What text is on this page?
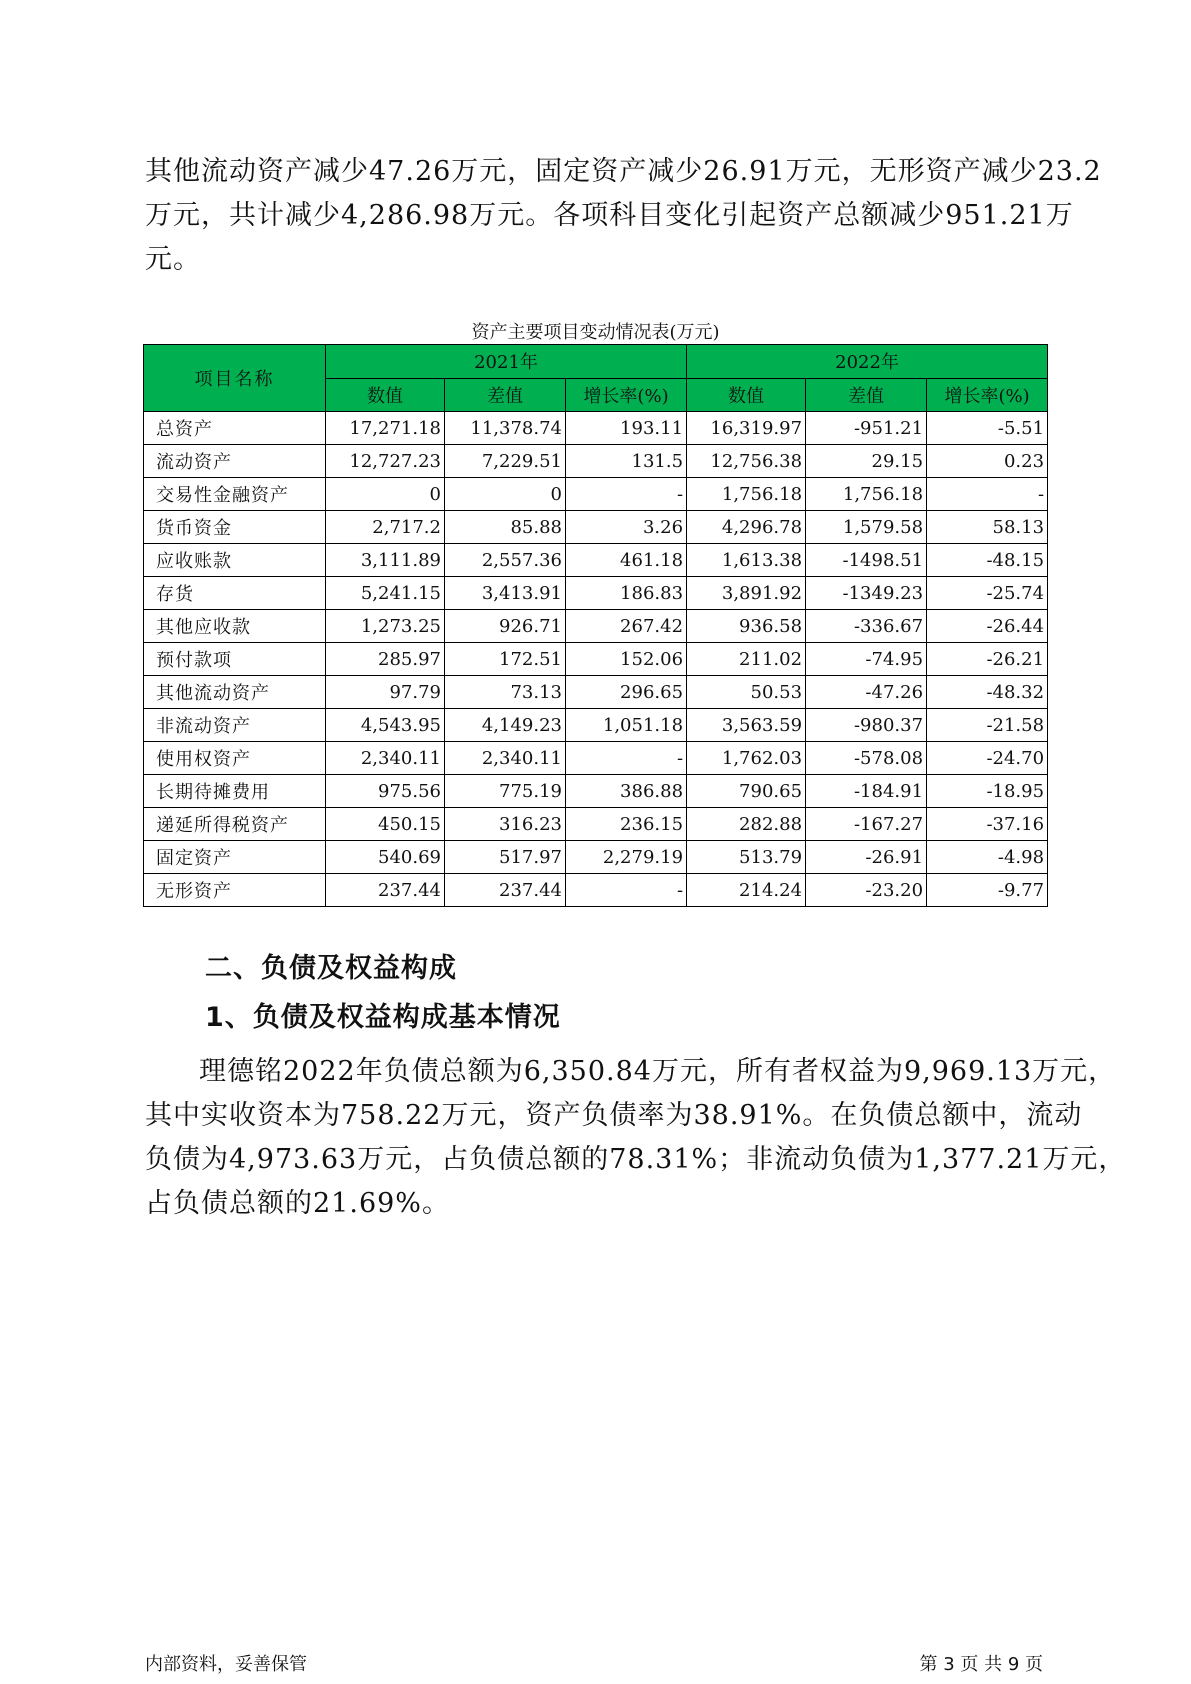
其他流动资产减少47.26万元，固定资产减少26.91万元，无形资产减少23.2
万元，共计减少4,286.98万元。各项科目变化引起资产总额减少951.21万
元。
资产主要项目变动情况表(万元)
项目名称	2021年			2022年		
	数值	差值	增长率(%)	数值	差值	增长率(%)
总资产	17,271.18	11,378.74	193.11	16,319.97	-951.21	-5.51
流动资产	12,727.23	7,229.51	131.5	12,756.38	29.15	0.23
交易性金融资产	0	0	-	1,756.18	1,756.18	-
货币资金	2,717.2	85.88	3.26	4,296.78	1,579.58	58.13
应收账款	3,111.89	2,557.36	461.18	1,613.38	-1498.51	-48.15
存货	5,241.15	3,413.91	186.83	3,891.92	-1349.23	-25.74
其他应收款	1,273.25	926.71	267.42	936.58	-336.67	-26.44
预付款项	285.97	172.51	152.06	211.02	-74.95	-26.21
其他流动资产	97.79	73.13	296.65	50.53	-47.26	-48.32
非流动资产	4,543.95	4,149.23	1,051.18	3,563.59	-980.37	-21.58
使用权资产	2,340.11	2,340.11	-	1,762.03	-578.08	-24.70
长期待摊费用	975.56	775.19	386.88	790.65	-184.91	-18.95
递延所得税资产	450.15	316.23	236.15	282.88	-167.27	-37.16
固定资产	540.69	517.97	2,279.19	513.79	-26.91	-4.98
无形资产	237.44	237.44	-	214.24	-23.20	-9.77
二、负债及权益构成
1、负债及权益构成基本情况
理德铭2022年负债总额为6,350.84万元，所有者权益为9,969.13万元，
其中实收资本为758.22万元，资产负债率为38.91%。在负债总额中，流动
负债为4,973.63万元，占负债总额的78.31%；非流动负债为1,377.21万元，
占负债总额的21.69%。
内部资料，妥善保管	第 3 页 共 9 页
